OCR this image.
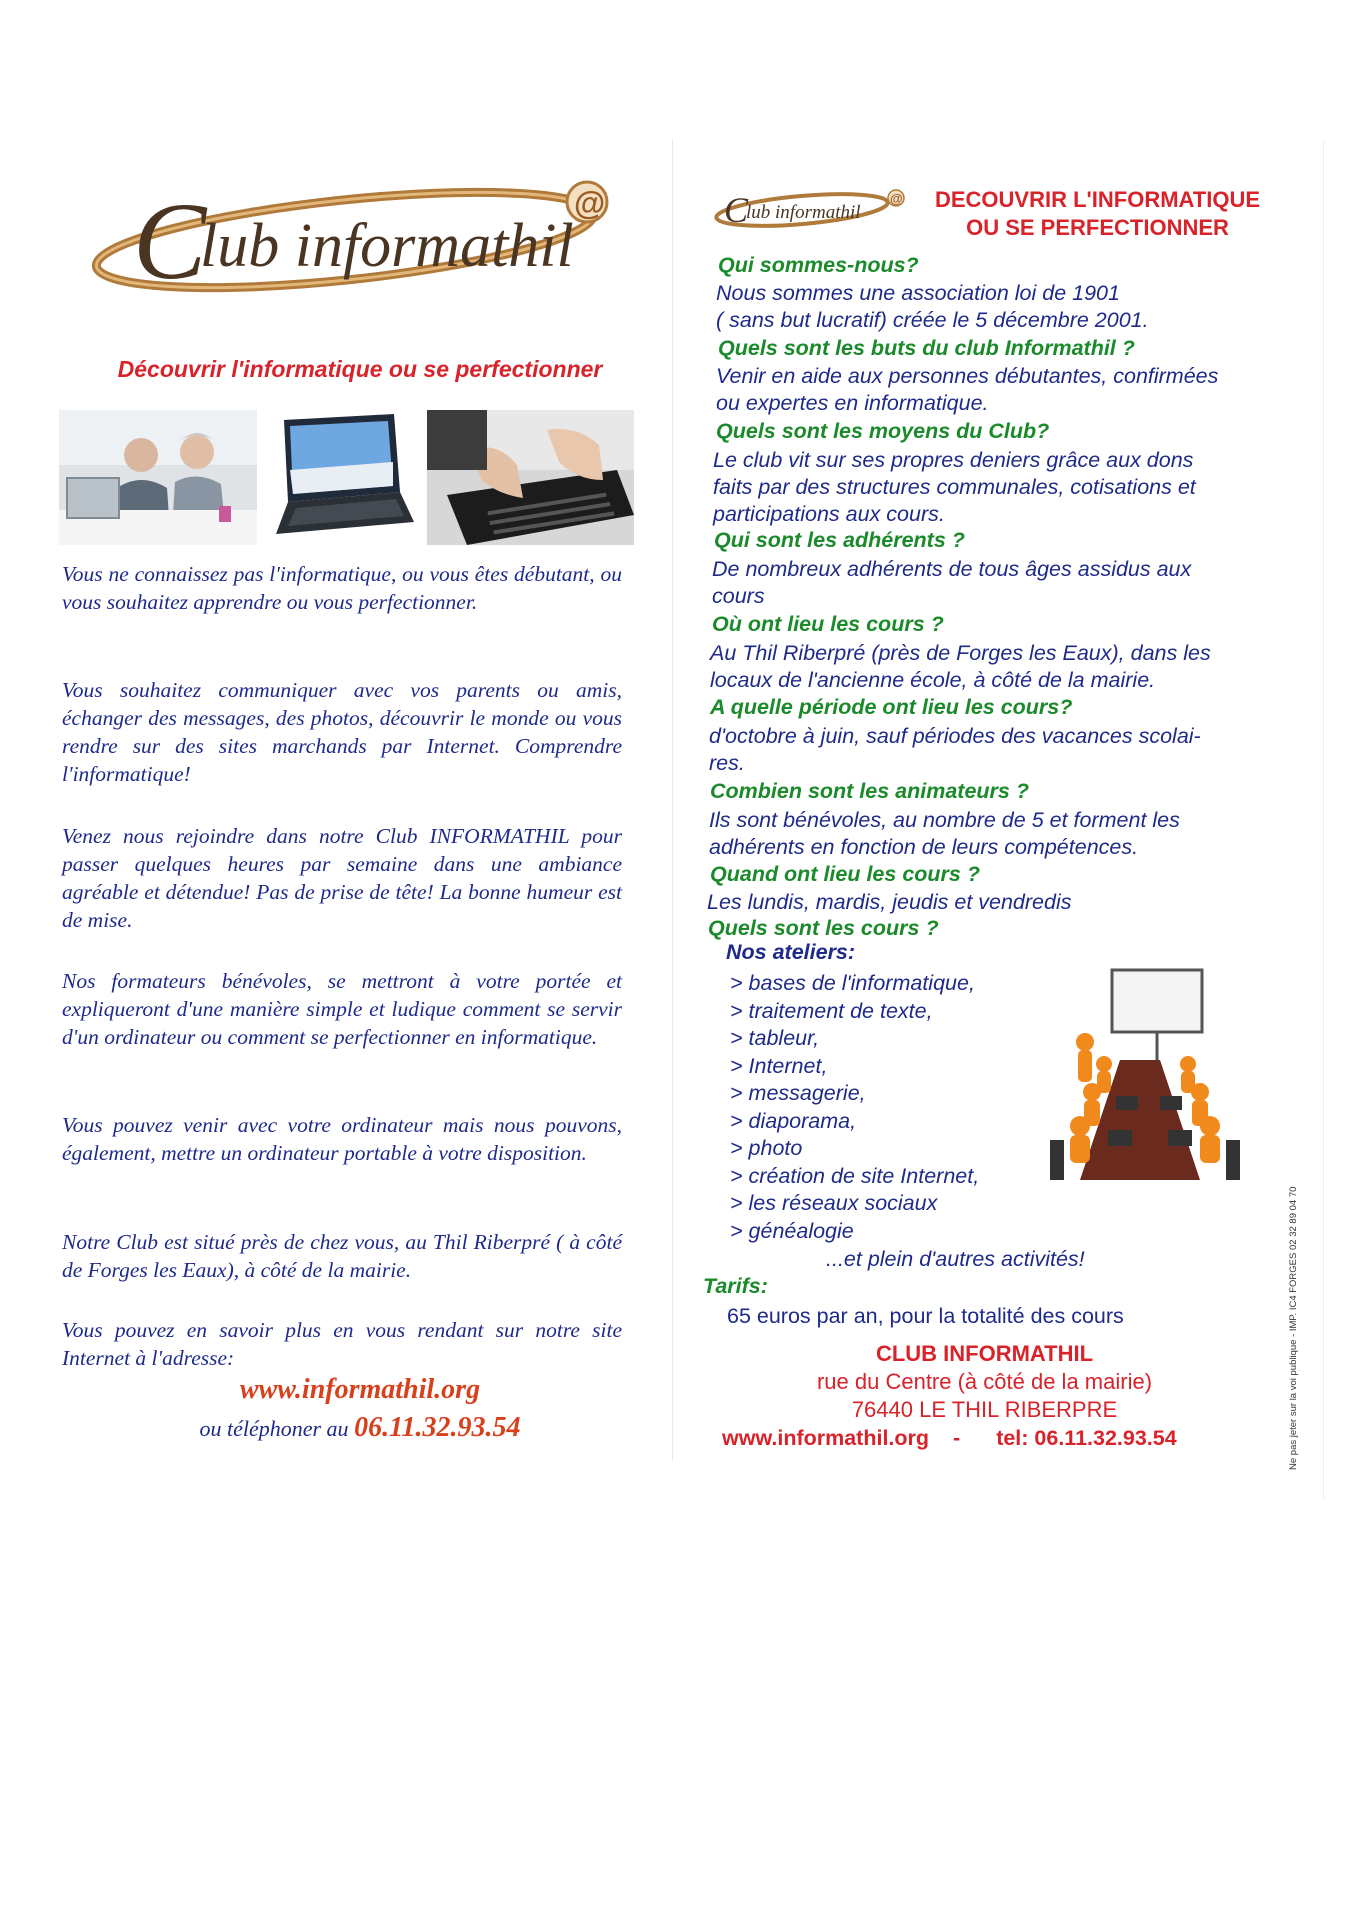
C
lub informathil
@
Découvrir l'informatique ou se perfectionner

Vous ne connaissez pas l'informatique, ou vous êtes débutant, ou vous souhaitez apprendre ou vous perfectionner.

Vous souhaitez communiquer avec vos parents ou amis, échanger des messages, des photos, découvrir le monde ou vous rendre sur des sites marchands par Internet. Comprendre l'informatique!

Venez nous rejoindre dans notre Club INFORMATHIL pour passer quelques heures par semaine dans une ambiance agréable et détendue! Pas de prise de tête! La bonne humeur est de mise.

Nos formateurs bénévoles, se mettront à votre portée et expliqueront d'une manière simple et ludique comment se servir d'un ordinateur ou comment se perfectionner en informatique.

Vous pouvez venir avec votre ordinateur mais nous pouvons, également, mettre un ordinateur portable à votre disposition.

Notre Club est situé près de chez vous, au Thil Riberpré ( à côté de Forges les Eaux), à côté de la mairie.

Vous pouvez en savoir plus en vous rendant sur notre site Internet à l'adresse:

www.informathil.org
ou téléphoner au 06.11.32.93.54
C
lub informathil
@	DECOUVRIR L'INFORMATIQUE
OU SE PERFECTIONNER
Qui sommes-nous?
Nous sommes une association loi de 1901
( sans but lucratif) créée le 5 décembre 2001.
Quels sont les buts du club Informathil ?
Venir en aide aux personnes débutantes, confirmées
ou expertes en informatique.
Quels sont les moyens du Club?
Le club vit sur ses propres deniers grâce aux dons
faits par des structures communales, cotisations et
participations aux cours.
Qui sont les adhérents ?
De nombreux adhérents de tous âges assidus aux
cours
Où ont lieu les cours ?
Au Thil Riberpré (près de Forges les Eaux), dans les
locaux de l'ancienne école, à côté de la mairie.
A quelle période ont lieu les cours?
d'octobre à juin, sauf périodes des vacances scolai-
res.
Combien sont les animateurs ?
Ils sont bénévoles, au nombre de 5 et forment les
adhérents en fonction de leurs compétences.
Quand ont lieu les cours ?
Les lundis, mardis, jeudis et vendredis
Quels sont les cours ?
Nos ateliers:
> bases de l'informatique,
> traitement de texte,
> tableur,
> Internet,
> messagerie,
> diaporama,
> photo
> création de site Internet,
> les réseaux sociaux
> généalogie
...et plein d'autres activités!
Tarifs:
65 euros par an, pour la totalité des cours
CLUB INFORMATHIL
rue du Centre (à côté de la mairie)
76440 LE THIL RIBERPRE
www.informathil.org - tel: 06.11.32.93.54	Ne pas jeter sur la voi publique - IMP. IC4 FORGES 02 32 89 04 70
